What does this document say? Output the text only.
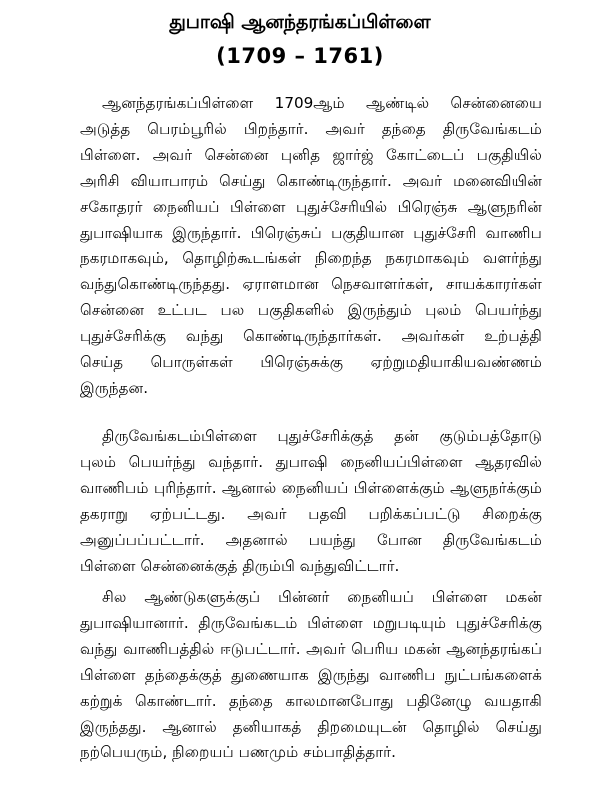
துபாஷி ஆனந்தரங்கப்பிள்ளை
(1709 – 1761)
ஆனந்தரங்கப்பிள்ளை 1709ஆம் ஆண்டில் சென்னையை
அடுத்த பெரம்பூரில் பிறந்தார். அவர் தந்தை திருவேங்கடம்
பிள்ளை. அவர் சென்னை புனித ஜார்ஜ் கோட்டைப் பகுதியில்
அரிசி வியாபாரம் செய்து கொண்டிருந்தார். அவர் மனைவியின்
சகோதரர் நைனியப் பிள்ளை புதுச்சேரியில் பிரெஞ்சு ஆளுநரின்
துபாஷியாக இருந்தார். பிரெஞ்சுப் பகுதியான புதுச்சேரி வாணிப
நகரமாகவும், தொழிற்கூடங்கள் நிறைந்த நகரமாகவும் வளர்ந்து
வந்துகொண்டிருந்தது. ஏராளமான நெசவாளர்கள், சாயக்காரர்கள்
சென்னை உட்பட பல பகுதிகளில் இருந்தும் புலம் பெயர்ந்து
புதுச்சேரிக்கு வந்து கொண்டிருந்தார்கள். அவர்கள் உற்பத்தி
செய்த பொருள்கள் பிரெஞ்சுக்கு ஏற்றுமதியாகியவண்ணம்
இருந்தன.
திருவேங்கடம்பிள்ளை புதுச்சேரிக்குத் தன் குடும்பத்தோடு
புலம் பெயர்ந்து வந்தார். துபாஷி நைனியப்பிள்ளை ஆதரவில்
வாணிபம் புரிந்தார். ஆனால் நைனியப் பிள்ளைக்கும் ஆளுநர்க்கும்
தகராறு ஏற்பட்டது. அவர் பதவி பறிக்கப்பட்டு சிறைக்கு
அனுப்பப்பட்டார். அதனால் பயந்து போன திருவேங்கடம்
பிள்ளை சென்னைக்குத் திரும்பி வந்துவிட்டார்.
சில ஆண்டுகளுக்குப் பின்னர் நைனியப் பிள்ளை மகன்
துபாஷியானார். திருவேங்கடம் பிள்ளை மறுபடியும் புதுச்சேரிக்கு
வந்து வாணிபத்தில் ஈடுபட்டார். அவர் பெரிய மகன் ஆனந்தரங்கப்
பிள்ளை தந்தைக்குத் துணையாக இருந்து வாணிப நுட்பங்களைக்
கற்றுக் கொண்டார். தந்தை காலமானபோது பதினேழு வயதாகி
இருந்தது. ஆனால் தனியாகத் திறமையுடன் தொழில் செய்து
நற்பெயரும், நிறையப் பணமும் சம்பாதித்தார்.
